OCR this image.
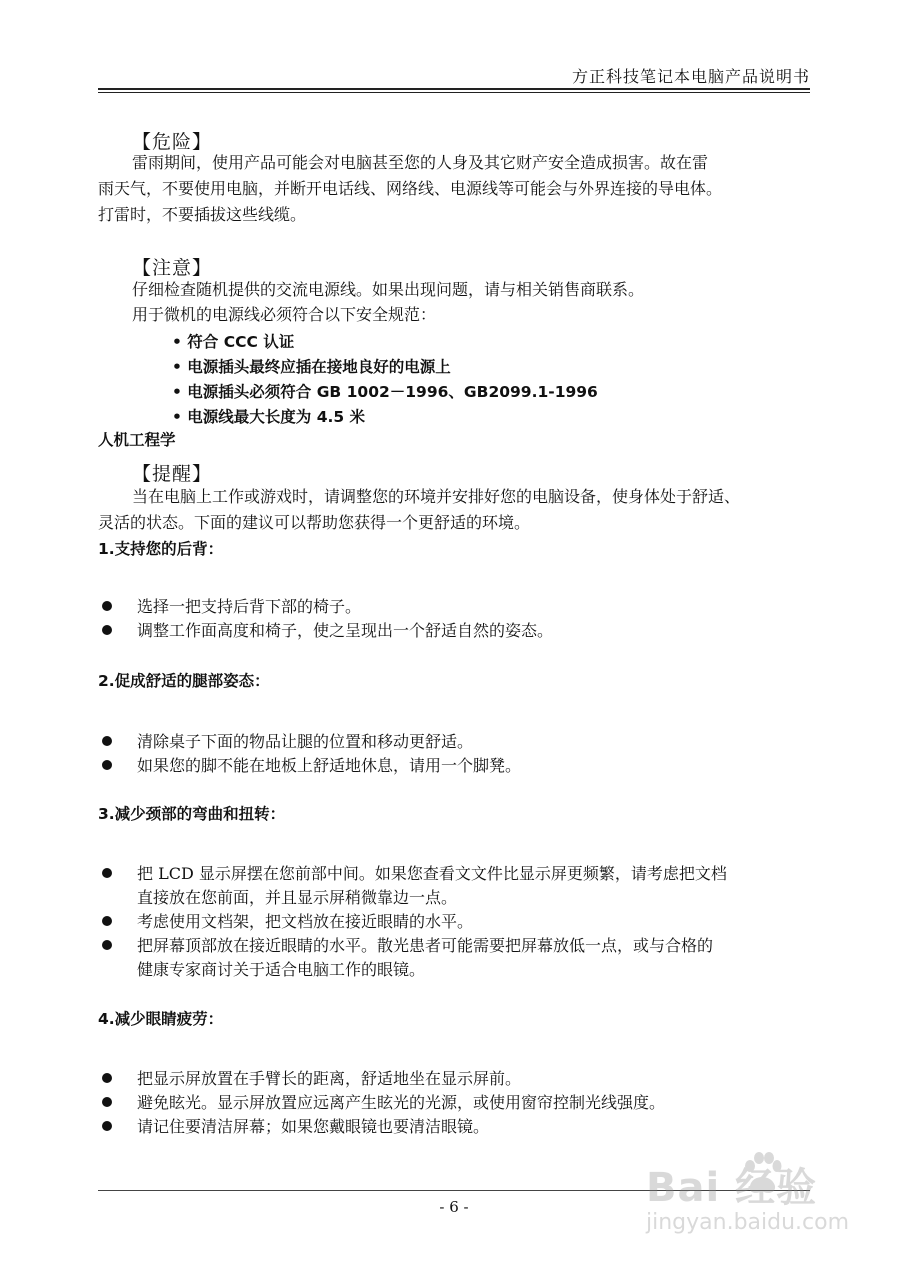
方正科技笔记本电脑产品说明书
【危险】
雷雨期间，使用产品可能会对电脑甚至您的人身及其它财产安全造成损害。故在雷
雨天气，不要使用电脑，并断开电话线、网络线、电源线等可能会与外界连接的导电体。
打雷时，不要插拔这些线缆。
【注意】
仔细检查随机提供的交流电源线。如果出现问题，请与相关销售商联系。
用于微机的电源线必须符合以下安全规范：
• 符合 CCC 认证
• 电源插头最终应插在接地良好的电源上
• 电源插头必须符合 GB 1002－1996、GB2099.1-1996
• 电源线最大长度为 4.5 米
人机工程学
【提醒】
当在电脑上工作或游戏时，请调整您的环境并安排好您的电脑设备，使身体处于舒适、
灵活的状态。下面的建议可以帮助您获得一个更舒适的环境。
1.支持您的后背：
选择一把支持后背下部的椅子。
调整工作面高度和椅子，使之呈现出一个舒适自然的姿态。
2.促成舒适的腿部姿态：
清除桌子下面的物品让腿的位置和移动更舒适。
如果您的脚不能在地板上舒适地休息，请用一个脚凳。
3.减少颈部的弯曲和扭转：
把 LCD 显示屏摆在您前部中间。如果您查看文文件比显示屏更频繁，请考虑把文档
直接放在您前面，并且显示屏稍微靠边一点。
考虑使用文档架，把文档放在接近眼睛的水平。
把屏幕顶部放在接近眼睛的水平。散光患者可能需要把屏幕放低一点，或与合格的
健康专家商讨关于适合电脑工作的眼镜。
4.减少眼睛疲劳：
把显示屏放置在手臂长的距离，舒适地坐在显示屏前。
避免眩光。显示屏放置应远离产生眩光的光源，或使用窗帘控制光线强度。
请记住要清洁屏幕；如果您戴眼镜也要清洁眼镜。
- 6 -	Bai 经验
jingyan.baidu.com
